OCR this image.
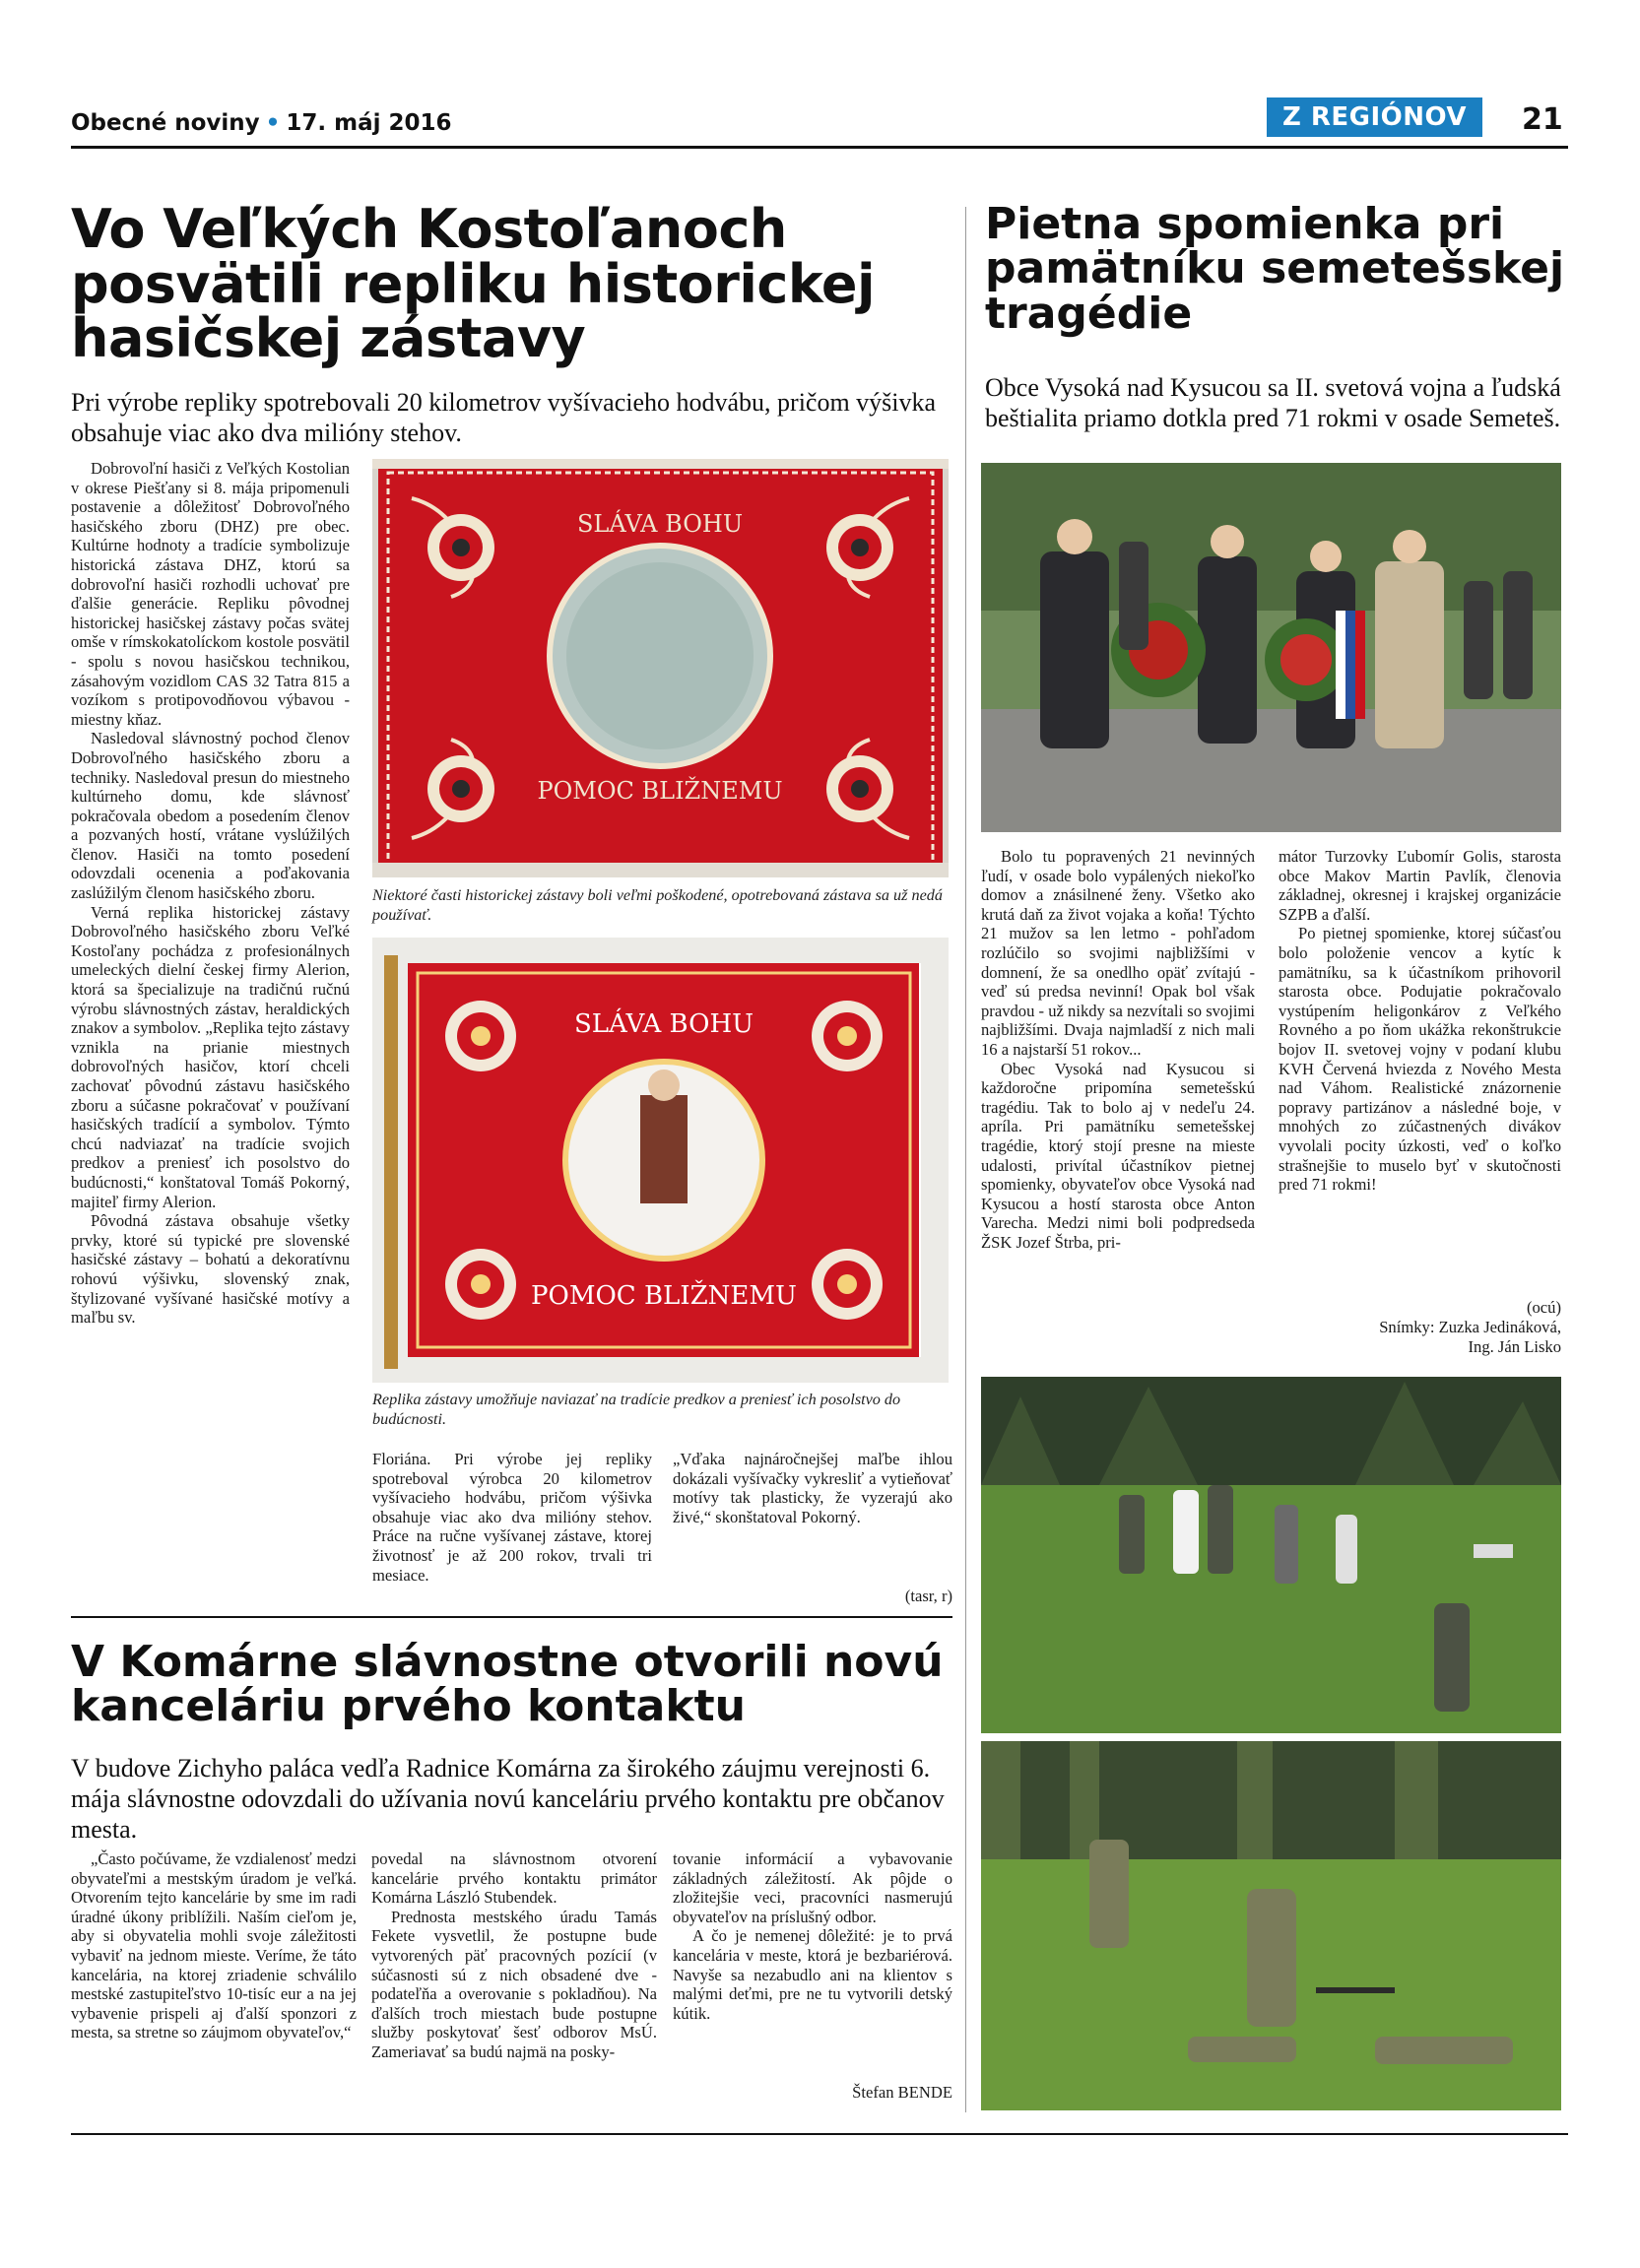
Obecné noviny • 17. máj 2016	Z REGIÓNOV	21
Vo Veľkých Kostoľanoch posvätili repliku historickej hasičskej zástavy
Pri výrobe repliky spotrebovali 20 kilometrov vyšívacieho hodvábu, pričom výšivka obsahuje viac ako dva milióny stehov.

Dobrovoľní hasiči z Veľkých Kostolian v okrese Piešťany si 8. mája pripomenuli postavenie a dôležitosť Dobrovoľného hasičského zboru (DHZ) pre obec. Kultúrne hodnoty a tradície symbolizuje historická zástava DHZ, ktorú sa dobrovoľní hasiči rozhodli uchovať pre ďalšie generácie. Repliku pôvodnej historickej hasičskej zástavy počas svätej omše v rímskokatolíckom kostole posvätil - spolu s novou hasičskou technikou, zásahovým vozidlom CAS 32 Tatra 815 a vozíkom s protipovodňovou výbavou - miestny kňaz.

Nasledoval slávnostný pochod členov Dobrovoľného hasičského zboru a techniky. Nasledoval presun do miestneho kultúrneho domu, kde slávnosť pokračovala obedom a posedením členov a pozvaných hostí, vrátane vyslúžilých členov. Hasiči na tomto posedení odovzdali ocenenia a poďakovania zaslúžilým členom hasičského zboru.

Verná replika historickej zástavy Dobrovoľného hasičského zboru Veľké Kostoľany pochádza z profesionálnych umeleckých dielní českej firmy Alerion, ktorá sa špecializuje na tradičnú ručnú výrobu slávnostných zástav, heraldických znakov a symbolov. „Replika tejto zástavy vznikla na prianie miestnych dobrovoľných hasičov, ktorí chceli zachovať pôvodnú zástavu hasičského zboru a súčasne pokračovať v používaní hasičských tradícií a symbolov. Týmto chcú nadviazať na tradície svojich predkov a preniesť ich posolstvo do budúcnosti,“ konštatoval Tomáš Pokorný, majiteľ firmy Alerion.

Pôvodná zástava obsahuje všetky prvky, ktoré sú typické pre slovenské hasičské zástavy – bohatú a dekoratívnu rohovú výšivku, slovenský znak, štylizované vyšívané hasičské motívy a maľbu sv.

SLÁVA BOHU
POMOC BLIŽNEMU
Niektoré časti historickej zástavy boli veľmi poškodené, opotrebovaná zástava sa už nedá používať.
SLÁVA BOHU
POMOC BLIŽNEMU
Replika zástavy umožňuje naviazať na tradície predkov a preniesť ich posolstvo do budúcnosti.

Floriána. Pri výrobe jej repliky spotreboval výrobca 20 kilometrov vyšívacieho hodvábu, pričom výšivka obsahuje viac ako dva milióny stehov. Práce na ručne vyšívanej zástave, ktorej životnosť je až 200 rokov, trvali tri mesiace.

„Vďaka najnáročnejšej maľbe ihlou dokázali vyšívačky vykresliť a vytieňovať motívy tak plasticky, že vyzerajú ako živé,“ skonštatoval Pokorný.

(tasr, r)
Pietna spomienka pri pamätníku semetešskej tragédie
Obce Vysoká nad Kysucou sa II. svetová vojna a ľudská beštialita priamo dotkla pred 71 rokmi v osade Semeteš.

Bolo tu popravených 21 nevinných ľudí, v osade bolo vypálených niekoľko domov a znásilnené ženy. Všetko ako krutá daň za život vojaka a koňa! Týchto 21 mužov sa len letmo - pohľadom rozlúčilo so svojimi najbližšími v domnení, že sa onedlho opäť zvítajú - veď sú predsa nevinní! Opak bol však pravdou - už nikdy sa nezvítali so svojimi najbližšími. Dvaja najmladší z nich mali 16 a najstarší 51 rokov...

Obec Vysoká nad Kysucou si každoročne pripomína semetešskú tragédiu. Tak to bolo aj v nedeľu 24. apríla. Pri pamätníku semetešskej tragédie, ktorý stojí presne na mieste udalosti, privítal účastníkov pietnej spomienky, obyvateľov obce Vysoká nad Kysucou a hostí starosta obce Anton Varecha. Medzi nimi boli podpredseda ŽSK Jozef Štrba, pri-

mátor Turzovky Ľubomír Golis, starosta obce Makov Martin Pavlík, členovia základnej, okresnej i krajskej organizácie SZPB a ďalší.

Po pietnej spomienke, ktorej súčasťou bolo položenie vencov a kytíc k pamätníku, sa k účastníkom prihovoril starosta obce. Podujatie pokračovalo vystúpením heligonkárov z Veľkého Rovného a po ňom ukážka rekonštrukcie bojov II. svetovej vojny v podaní klubu KVH Červená hviezda z Nového Mesta nad Váhom. Realistické znázornenie popravy partizánov a následné boje, v mnohých zo zúčastnených divákov vyvolali pocity úzkosti, veď o koľko strašnejšie to muselo byť v skutočnosti pred 71 rokmi!

(ocú)
Snímky: Zuzka Jedináková,
Ing. Ján Lisko
V Komárne slávnostne otvorili novú kanceláriu prvého kontaktu
V budove Zichyho paláca vedľa Radnice Komárna za širokého záujmu verejnosti 6. mája slávnostne odovzdali do užívania novú kanceláriu prvého kontaktu pre občanov mesta.

„Často počúvame, že vzdialenosť medzi obyvateľmi a mestským úradom je veľká. Otvorením tejto kancelárie by sme im radi úradné úkony priblížili. Naším cieľom je, aby si obyvatelia mohli svoje záležitosti vybaviť na jednom mieste. Veríme, že táto kancelária, na ktorej zriadenie schválilo mestské zastupiteľstvo 10-tisíc eur a na jej vybavenie prispeli aj ďalší sponzori z mesta, sa stretne so záujmom obyvateľov,“

povedal na slávnostnom otvorení kancelárie prvého kontaktu primátor Komárna László Stubendek.

Prednosta mestského úradu Tamás Fekete vysvetlil, že postupne bude vytvorených päť pracovných pozícií (v súčasnosti sú z nich obsadené dve - podateľňa a overovanie s pokladňou). Na ďalších troch miestach bude postupne služby poskytovať šesť odborov MsÚ. Zameriavať sa budú najmä na posky-

tovanie informácií a vybavovanie základných záležitostí. Ak pôjde o zložitejšie veci, pracovníci nasmerujú obyvateľov na príslušný odbor.

A čo je nemenej dôležité: je to prvá kancelária v meste, ktorá je bezbariérová. Navyše sa nezabudlo ani na klientov s malými deťmi, pre ne tu vytvorili detský kútik.

Štefan BENDE
